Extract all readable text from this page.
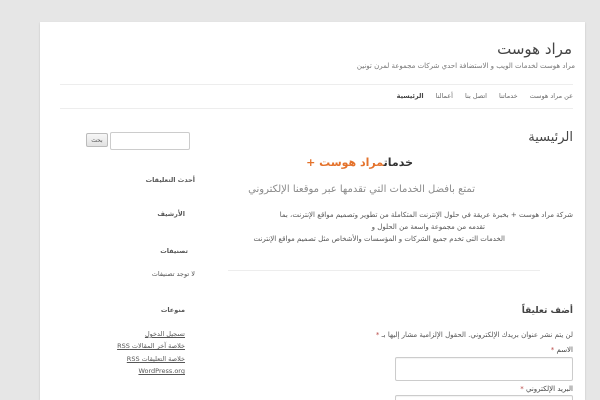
مراد هوست
مراد هوست لخدمات الويب و الاستضافة احدي شركات مجموعة لمرن تونين
الرئيسية أعمالنا اتصل بنا خدماتنا عن مراد هوست
الرئيسية
خدماتمراد هوست +
تمتع بافضل الخدمات التي تقدمها عبر موقعنا الإلكتروني
شركة مراد هوست + بخبرة عريقة في حلول الإنترنت المتكاملة من تطوير وتصميم مواقع الإنترنت، بما
تقدمه من مجموعة واسعة من الحلول و
الخدمات التى تخدم جميع الشركات و المؤسسات والأشخاص مثل تصميم مواقع الإنترنت
أضف تعليقاً
لن يتم نشر عنوان بريدك الإلكتروني. الحقول الإلزامية مشار إليها بـ *
الاسم *
البريد الإلكتروني *
بحث
أحدث التعليقات
الأرشيف
تصنيفات
لا توجد تصنيفات
منوعات
تسجيل الدخول
خلاصة آخر المقالات RSS
خلاصة التعليقات RSS
WordPress.org
